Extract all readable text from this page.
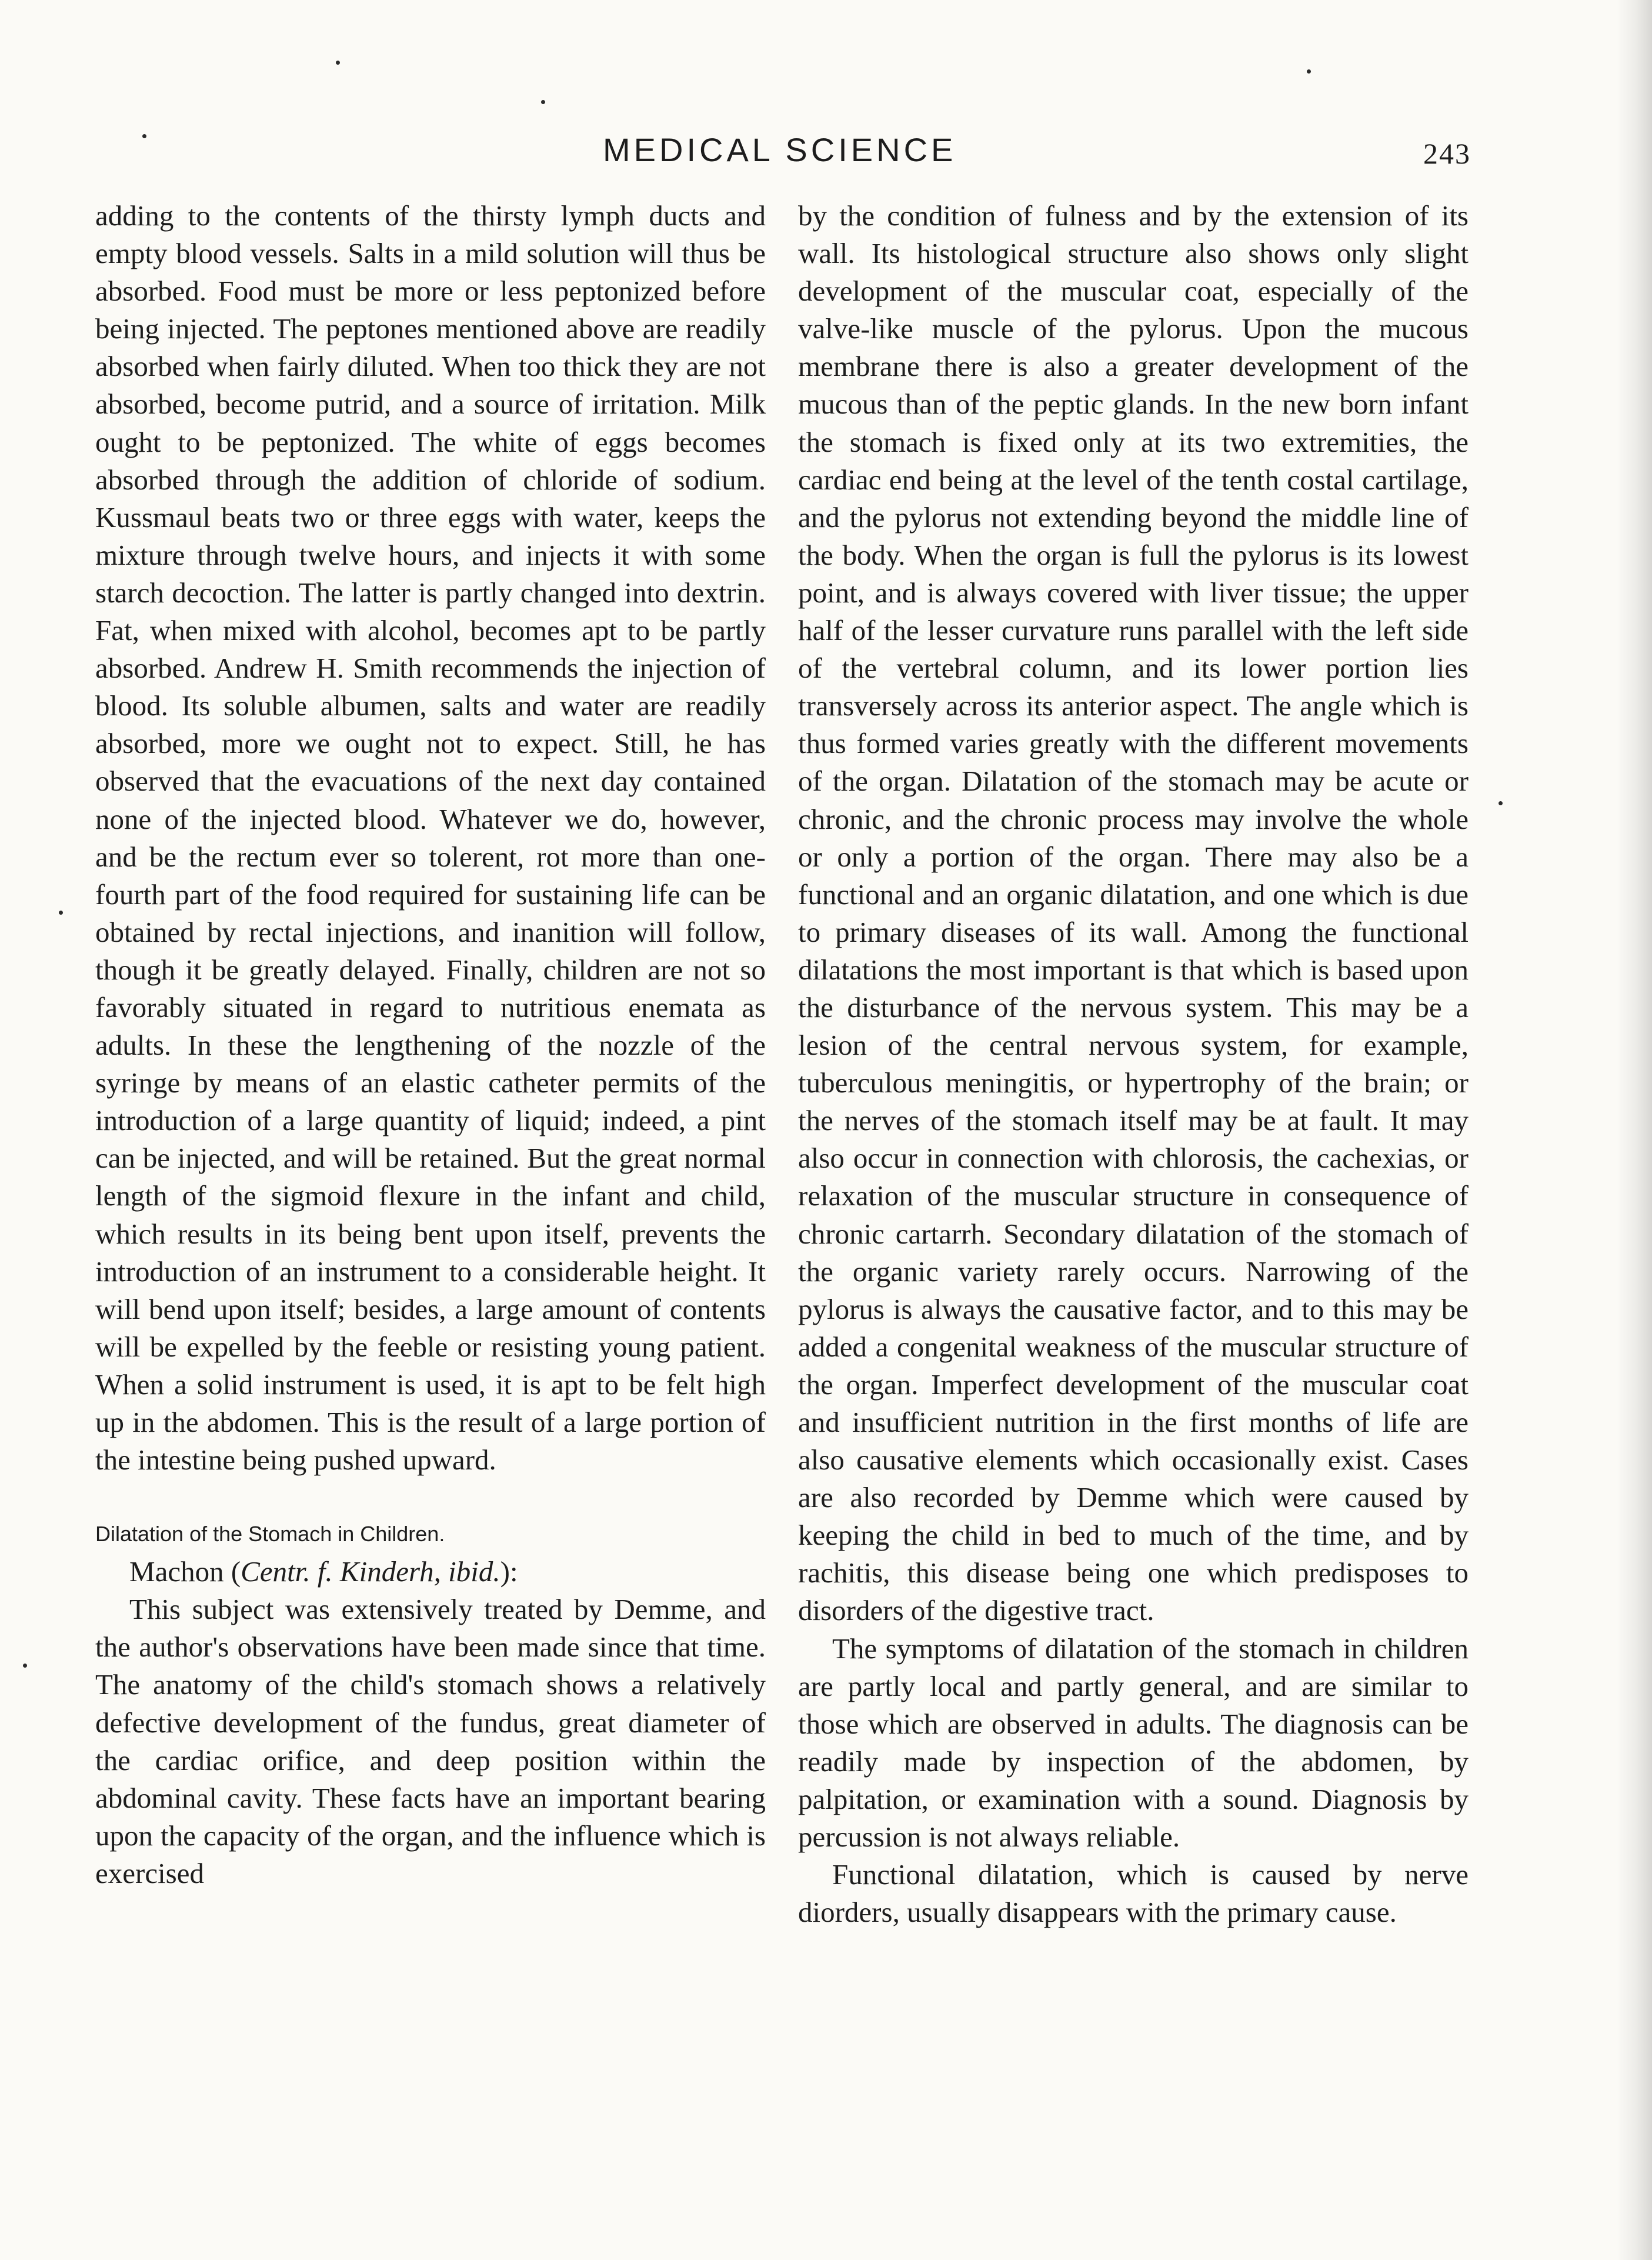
MEDICAL SCIENCE	243

adding to the contents of the thirsty lymph ducts and empty blood vessels. Salts in a mild solution will thus be absorbed. Food must be more or less peptonized before being injected. The peptones mentioned above are readily absorbed when fairly diluted. When too thick they are not absorbed, become putrid, and a source of irritation. Milk ought to be peptonized. The white of eggs becomes absorbed through the addition of chloride of sodium. Kussmaul beats two or three eggs with water, keeps the mixture through twelve hours, and injects it with some starch decoction. The latter is partly changed into dextrin. Fat, when mixed with alcohol, becomes apt to be partly absorbed. Andrew H. Smith recommends the injection of blood. Its soluble albumen, salts and water are readily absorbed, more we ought not to expect. Still, he has observed that the evacuations of the next day contained none of the injected blood. Whatever we do, however, and be the rectum ever so tolerent, rot more than one-fourth part of the food required for sustaining life can be obtained by rectal injections, and inanition will follow, though it be greatly delayed. Finally, children are not so favorably situated in regard to nutritious enemata as adults. In these the lengthening of the nozzle of the syringe by means of an elastic catheter permits of the introduction of a large quantity of liquid; indeed, a pint can be injected, and will be retained. But the great normal length of the sigmoid flexure in the infant and child, which results in its being bent upon itself, prevents the introduction of an instrument to a considerable height. It will bend upon itself; besides, a large amount of contents will be expelled by the feeble or resisting young patient. When a solid instrument is used, it is apt to be felt high up in the abdomen. This is the result of a large portion of the intestine being pushed upward.

Dilatation of the Stomach in Children.

Machon (Centr. f. Kinderh, ibid.):

This subject was extensively treated by Demme, and the author's observations have been made since that time. The anatomy of the child's stomach shows a relatively defective development of the fundus, great diameter of the cardiac orifice, and deep position within the abdominal cavity. These facts have an important bearing upon the capacity of the organ, and the influence which is exercised

by the condition of fulness and by the extension of its wall. Its histological structure also shows only slight development of the muscular coat, especially of the valve-like muscle of the pylorus. Upon the mucous membrane there is also a greater development of the mucous than of the peptic glands. In the new born infant the stomach is fixed only at its two extremities, the cardiac end being at the level of the tenth costal cartilage, and the pylorus not extending beyond the middle line of the body. When the organ is full the pylorus is its lowest point, and is always covered with liver tissue; the upper half of the lesser curvature runs parallel with the left side of the vertebral column, and its lower portion lies transversely across its anterior aspect. The angle which is thus formed varies greatly with the different movements of the organ. Dilatation of the stomach may be acute or chronic, and the chronic process may involve the whole or only a portion of the organ. There may also be a functional and an organic dilatation, and one which is due to primary diseases of its wall. Among the functional dilatations the most important is that which is based upon the disturbance of the nervous system. This may be a lesion of the central nervous system, for example, tuberculous meningitis, or hypertrophy of the brain; or the nerves of the stomach itself may be at fault. It may also occur in connection with chlorosis, the cachexias, or relaxation of the muscular structure in consequence of chronic cartarrh. Secondary dilatation of the stomach of the organic variety rarely occurs. Narrowing of the pylorus is always the causative factor, and to this may be added a congenital weakness of the muscular structure of the organ. Imperfect development of the muscular coat and insufficient nutrition in the first months of life are also causative elements which occasionally exist. Cases are also recorded by Demme which were caused by keeping the child in bed to much of the time, and by rachitis, this disease being one which predisposes to disorders of the digestive tract.

The symptoms of dilatation of the stomach in children are partly local and partly general, and are similar to those which are observed in adults. The diagnosis can be readily made by inspection of the abdomen, by palpitation, or examination with a sound. Diagnosis by percussion is not always reliable.

Functional dilatation, which is caused by nerve diorders, usually disappears with the primary cause.
